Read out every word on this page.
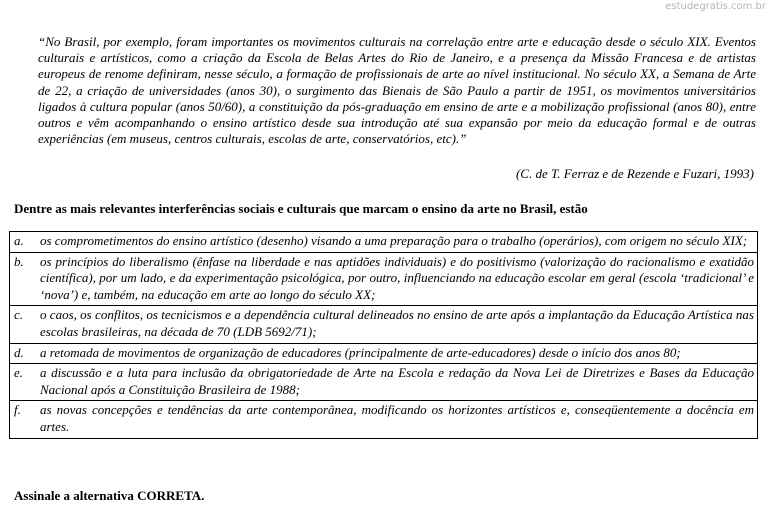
estudegratis.com.br

“No Brasil, por exemplo, foram importantes os movimentos culturais na correlação entre arte e educação desde o século XIX. Eventos culturais e artísticos, como a criação da Escola de Belas Artes do Rio de Janeiro, e a presença da Missão Francesa e de artistas europeus de renome definiram, nesse século, a formação de profissionais de arte ao nível institucional. No século XX, a Semana de Arte de 22, a criação de universidades (anos 30), o surgimento das Bienais de São Paulo a partir de 1951, os movimentos universitários ligados à cultura popular (anos 50/60), a constituição da pós-graduação em ensino de arte e a mobilização profissional (anos 80), entre outros e vêm acompanhando o ensino artístico desde sua introdução até sua expansão por meio da educação formal e de outras experiências (em museus, centros culturais, escolas de arte, conservatórios, etc).”

(C. de T. Ferraz e de Rezende e Fuzari, 1993)
Dentre as mais relevantes interferências sociais e culturais que marcam o ensino da arte no Brasil, estão
a.	os comprometimentos do ensino artístico (desenho) visando a uma preparação para o trabalho (operários), com origem no século XIX;
b.	os princípios do liberalismo (ênfase na liberdade e nas aptidões individuais) e do positivismo (valorização do racionalismo e exatidão científica), por um lado, e da experimentação psicológica, por outro, influenciando na educação escolar em geral (escola ‘tradicional’ e ‘nova’) e, também, na educação em arte ao longo do século XX;
c.	o caos, os conflitos, os tecnicismos e a dependência cultural delineados no ensino de arte após a implantação da Educação Artística nas escolas brasileiras, na década de 70 (LDB 5692/71);
d.	a retomada de movimentos de organização de educadores (principalmente de arte-educadores) desde o início dos anos 80;
e.	a discussão e a luta para inclusão da obrigatoriedade de Arte na Escola e redação da Nova Lei de Diretrizes e Bases da Educação Nacional após a Constituição Brasileira de 1988;
f.	as novas concepções e tendências da arte contemporânea, modificando os horizontes artísticos e, conseqüentemente a docência em artes.
Assinale a alternativa CORRETA.
